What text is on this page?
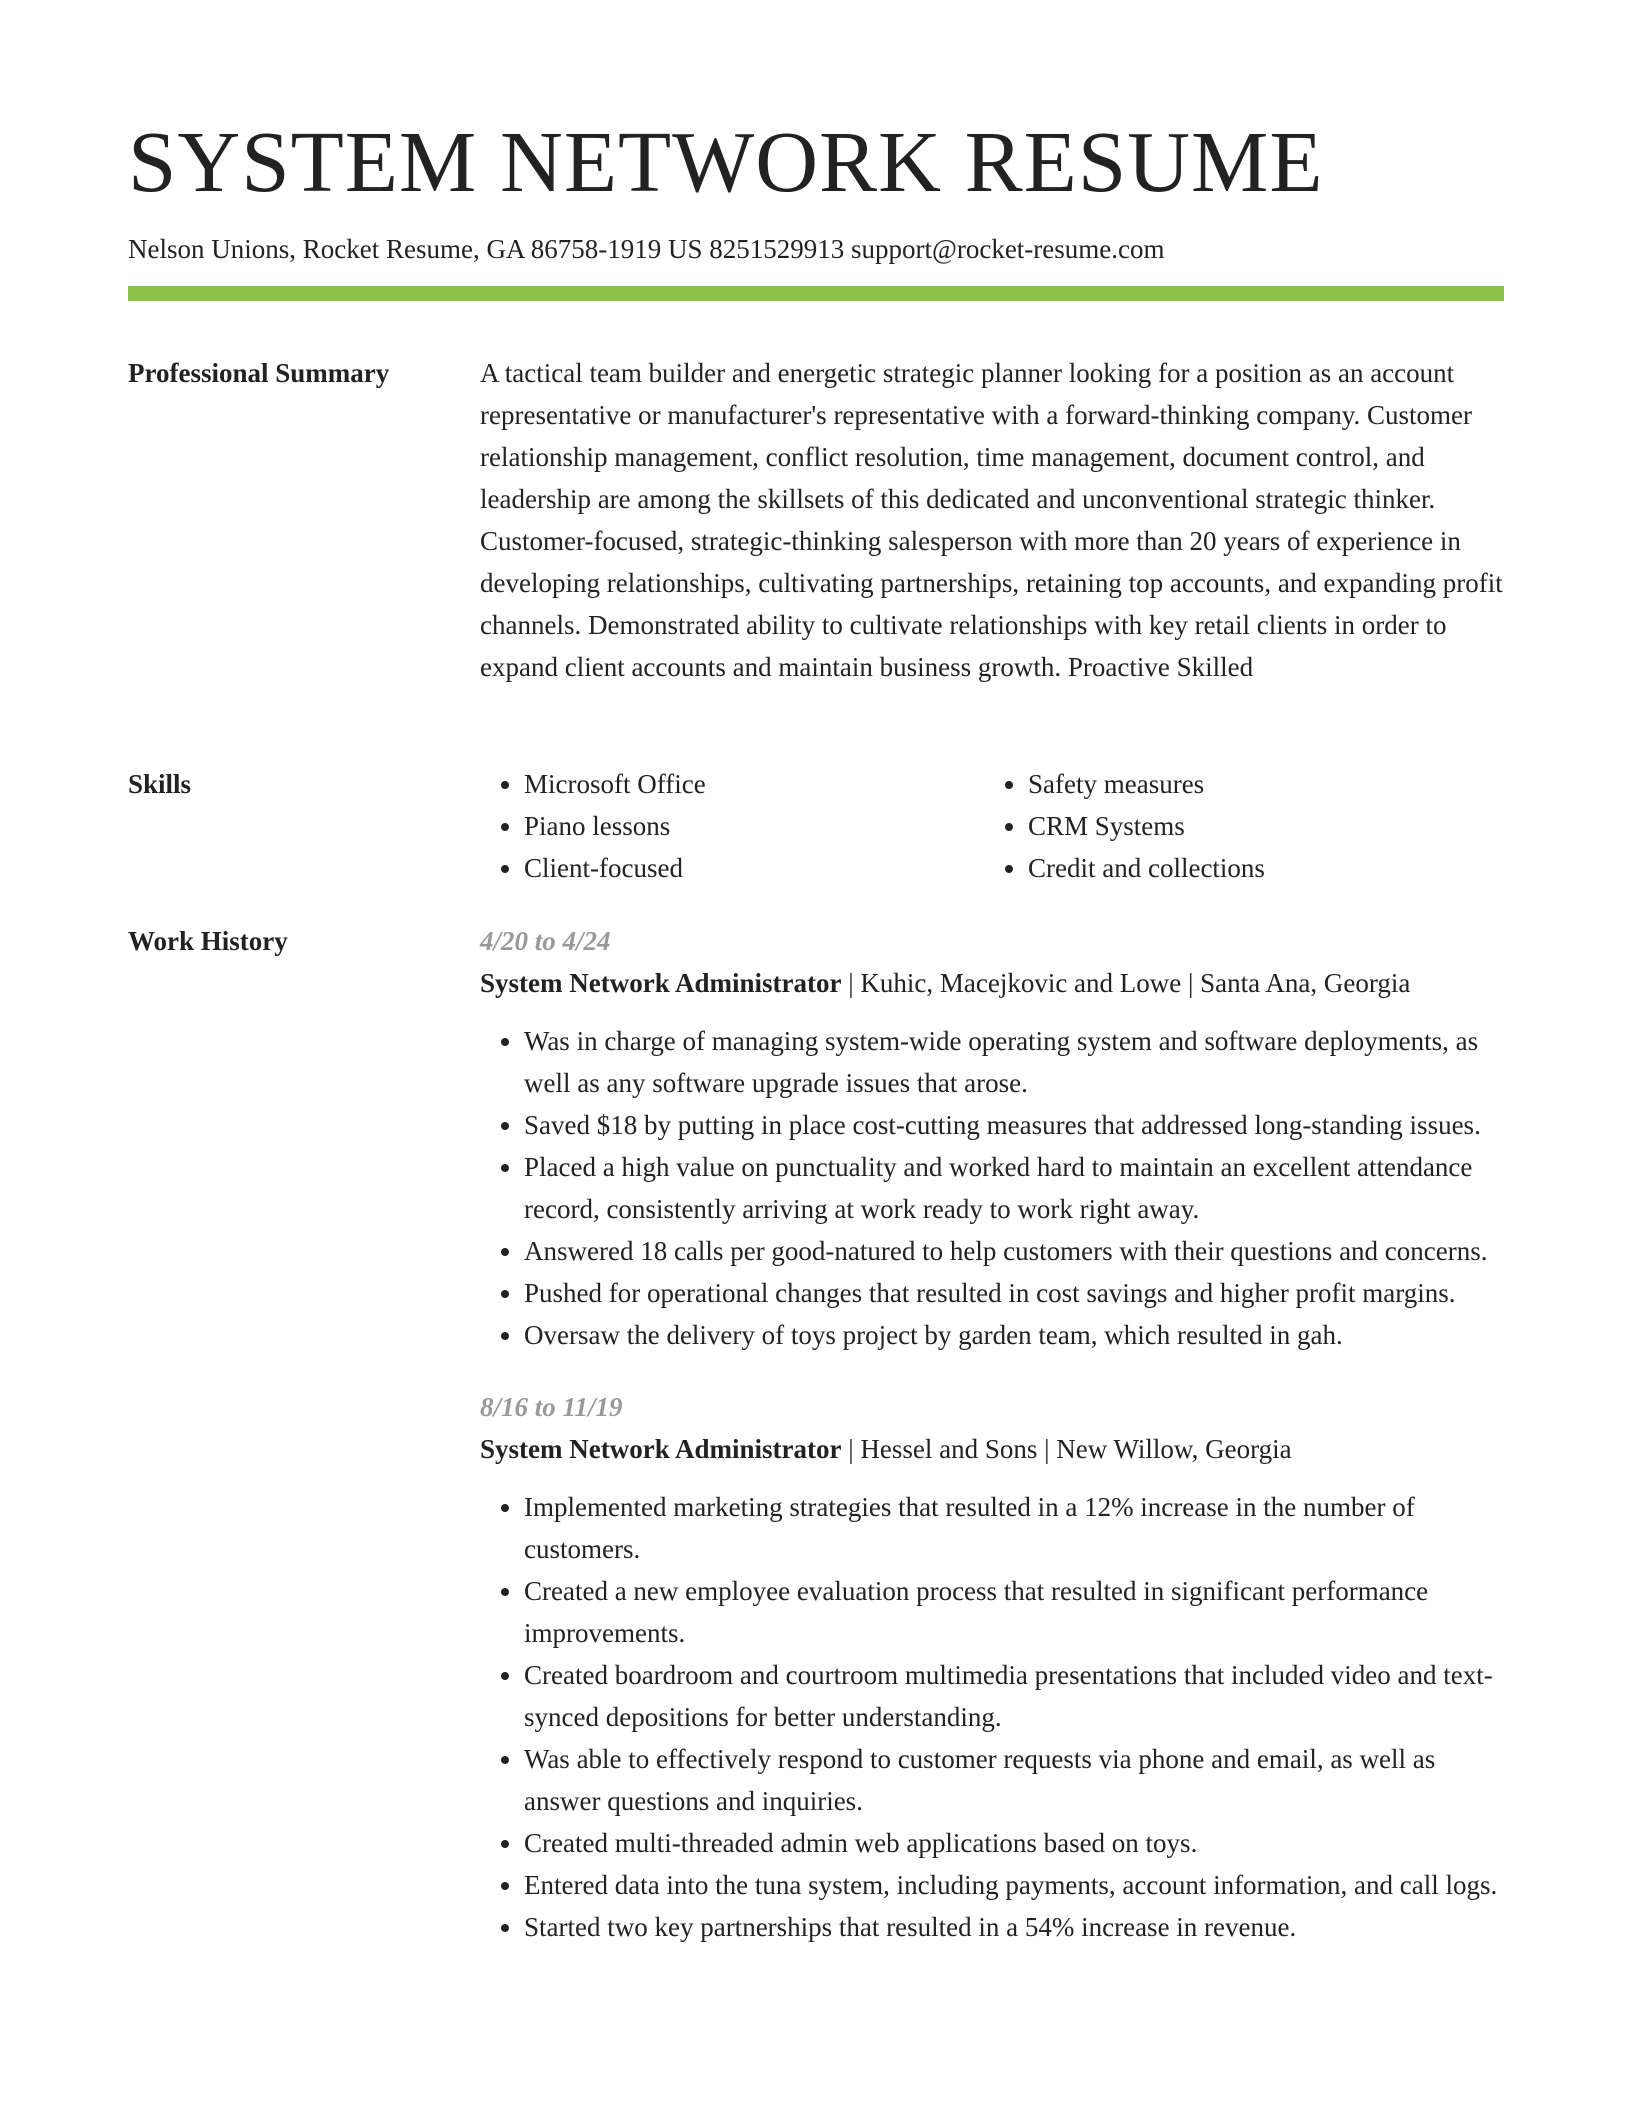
SYSTEM NETWORK RESUME
Nelson Unions, Rocket Resume, GA 86758-1919 US 8251529913 support@rocket-resume.com
Professional Summary	A tactical team builder and energetic strategic planner looking for a position as an account representative or manufacturer's representative with a forward-thinking company. Customer relationship management, conflict resolution, time management, document control, and leadership are among the skillsets of this dedicated and unconventional strategic thinker. Customer-focused, strategic-thinking salesperson with more than 20 years of experience in developing relationships, cultivating partnerships, retaining top accounts, and expanding profit channels. Demonstrated ability to cultivate relationships with key retail clients in order to expand client accounts and maintain business growth. Proactive Skilled

Skills
•	Microsoft Office
• Piano lessons
• Client-focused
• Safety measures
• CRM Systems
• Credit and collections
Work History	4/20 to 4/24
System Network Administrator | Kuhic, Macejkovic and Lowe | Santa Ana, Georgia
• Was in charge of managing system-wide operating system and software deployments, as well as any software upgrade issues that arose.
• Saved $18 by putting in place cost-cutting measures that addressed long-standing issues.
• Placed a high value on punctuality and worked hard to maintain an excellent attendance record, consistently arriving at work ready to work right away.
• Answered 18 calls per good-natured to help customers with their questions and concerns.
• Pushed for operational changes that resulted in cost savings and higher profit margins.
• Oversaw the delivery of toys project by garden team, which resulted in gah.
8/16 to 11/19
System Network Administrator | Hessel and Sons | New Willow, Georgia
• Implemented marketing strategies that resulted in a 12% increase in the number of customers.
• Created a new employee evaluation process that resulted in significant performance improvements.
• Created boardroom and courtroom multimedia presentations that included video and text-synced depositions for better understanding.
• Was able to effectively respond to customer requests via phone and email, as well as answer questions and inquiries.
• Created multi-threaded admin web applications based on toys.
• Entered data into the tuna system, including payments, account information, and call logs.
• Started two key partnerships that resulted in a 54% increase in revenue.
